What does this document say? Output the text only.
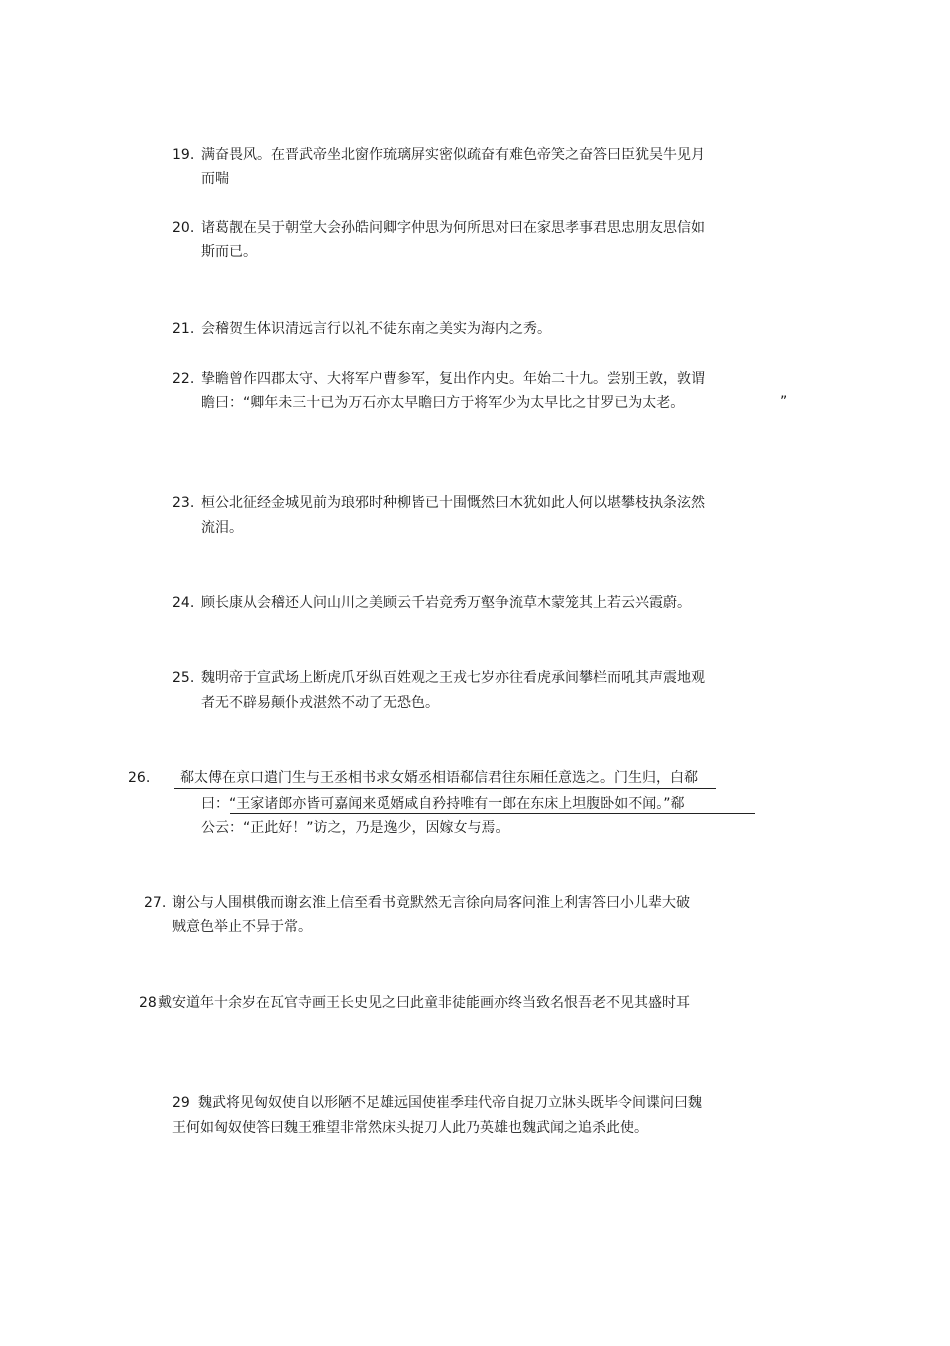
19. 满奋畏风。在晋武帝坐北窗作琉璃屏实密似疏奋有难色帝笑之奋答曰臣犹吴牛见月
而喘
20. 诸葛靓在吴于朝堂大会孙皓问卿字仲思为何所思对曰在家思孝事君思忠朋友思信如
斯而已。
21. 会稽贺生体识清远言行以礼不徒东南之美实为海内之秀。
22. 挚瞻曾作四郡太守、大将军户曹参军，复出作内史。年始二十九。尝别王敦，敦谓
瞻曰：“卿年未三十已为万石亦太早瞻曰方于将军少为太早比之甘罗已为太老。	”
23. 桓公北征经金城见前为琅邪时种柳皆已十围慨然曰木犹如此人何以堪攀枝执条泫然
流泪。
24. 顾长康从会稽还人问山川之美顾云千岩竞秀万壑争流草木蒙笼其上若云兴霞蔚。
25. 魏明帝于宣武场上断虎爪牙纵百姓观之王戎七岁亦往看虎承间攀栏而吼其声震地观
者无不辟易颠仆戎湛然不动了无恐色。
26. 郗太傅在京口遣门生与王丞相书求女婿丞相语郗信君往东厢任意选之。门生归，白郗
曰：“王家诸郎亦皆可嘉闻来觅婿咸自矜持唯有一郎在东床上坦腹卧如不闻。”郗
公云：“正此好！”访之，乃是逸少，因嫁女与焉。
27. 谢公与人围棋俄而谢玄淮上信至看书竟默然无言徐向局客问淮上利害答曰小儿辈大破
贼意色举止不异于常。
28 戴安道年十余岁在瓦官寺画王长史见之曰此童非徒能画亦终当致名恨吾老不见其盛时耳
29 魏武将见匈奴使自以形陋不足雄远国使崔季珪代帝自捉刀立牀头既毕令间谍问曰魏
王何如匈奴使答曰魏王雅望非常然床头捉刀人此乃英雄也魏武闻之追杀此使。
